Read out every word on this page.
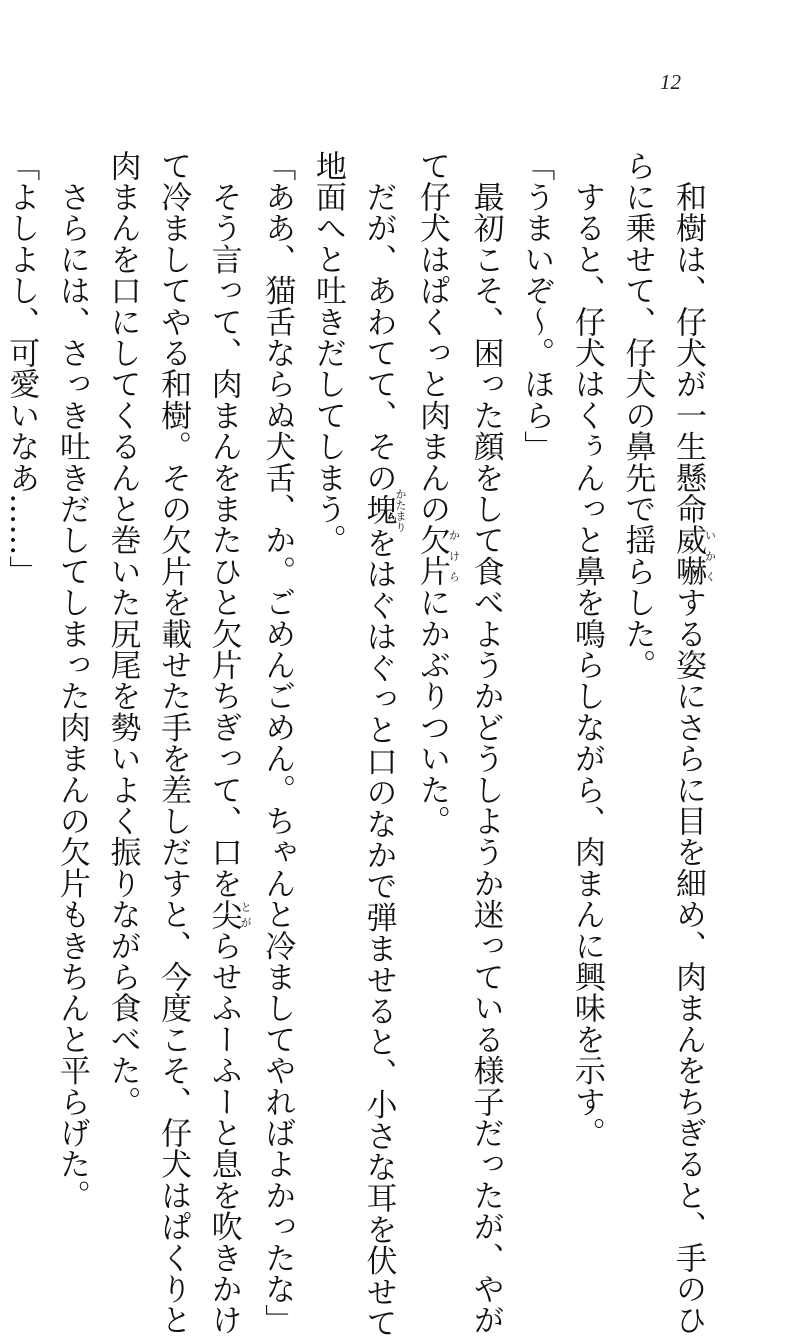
12
　和樹は、仔犬が一生懸命威嚇いかくする姿にさらに目を細め、肉まんをちぎると、手のひ
らに乗せて、仔犬の鼻先で揺らした。
　すると、仔犬はくぅんっと鼻を鳴らしながら、肉まんに興味を示す。
「うまいぞ～。ほら」
　最初こそ、困った顔をして食べようかどうしようか迷っている様子だったが、やが
て仔犬はぱくっと肉まんの欠片かけらにかぶりついた。
　だが、あわてて、その塊かたまりをはぐはぐっと口のなかで弾ませると、小さな耳を伏せて
地面へと吐きだしてしまう。
「ああ、猫舌ならぬ犬舌、か。ごめんごめん。ちゃんと冷ましてやればよかったな」
　そう言って、肉まんをまたひと欠片ちぎって、口を尖とがらせふーふーと息を吹きかけ
て冷ましてやる和樹。その欠片を載せた手を差しだすと、今度こそ、仔犬はぱくりと
肉まんを口にしてくるんと巻いた尻尾を勢いよく振りながら食べた。
　さらには、さっき吐きだしてしまった肉まんの欠片もきちんと平らげた。
「よしよし、可愛いなあ……」
